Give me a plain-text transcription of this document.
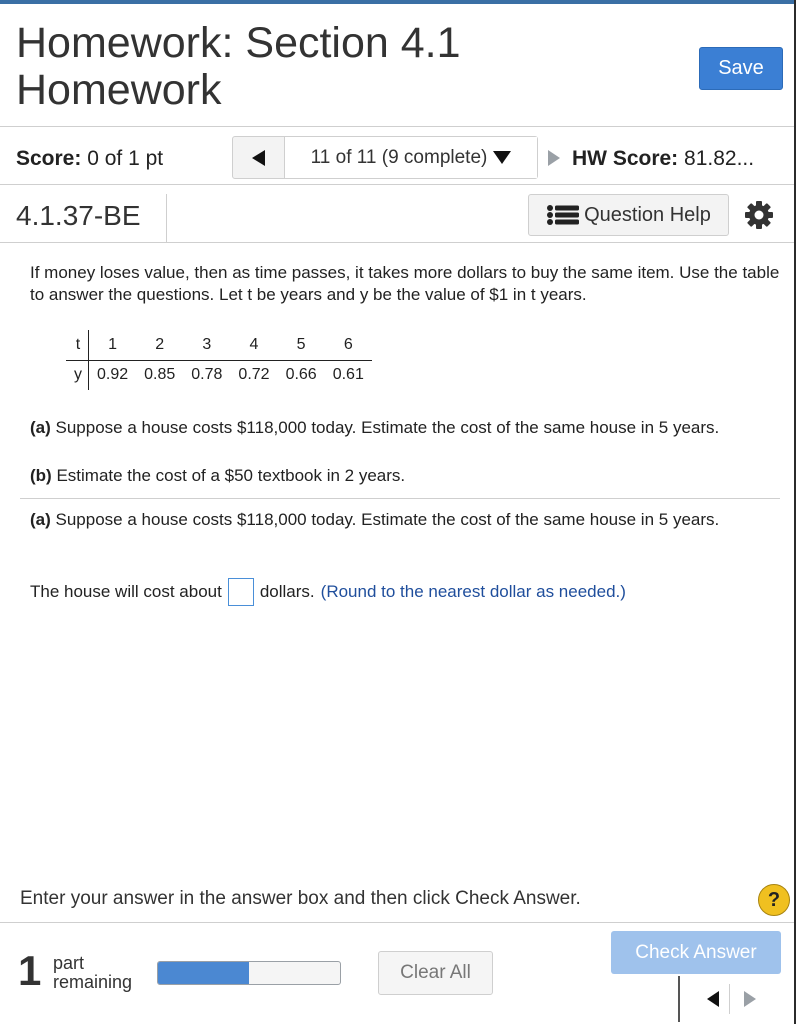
Homework: Section 4.1 Homework	Save
Score: 0 of 1 pt	11 of 11 (9 complete)	HW Score: 81.82...
4.1.37-BE	Question Help
If money loses value, then as time passes, it takes more dollars to buy the same item. Use the table to answer the questions. Let t be years and y be the value of $1 in t years.
t	1	2	3	4	5	6
y	0.92	0.85	0.78	0.72	0.66	0.61
(a) Suppose a house costs $118,000 today. Estimate the cost of the same house in 5 years.
(b) Estimate the cost of a $50 textbook in 2 years.
(a) Suppose a house costs $118,000 today. Estimate the cost of the same house in 5 years.
The house will cost about dollars. (Round to the nearest dollar as needed.)
Enter your answer in the answer box and then click Check Answer.	?
1 part
remaining	Clear All
Check Answer
